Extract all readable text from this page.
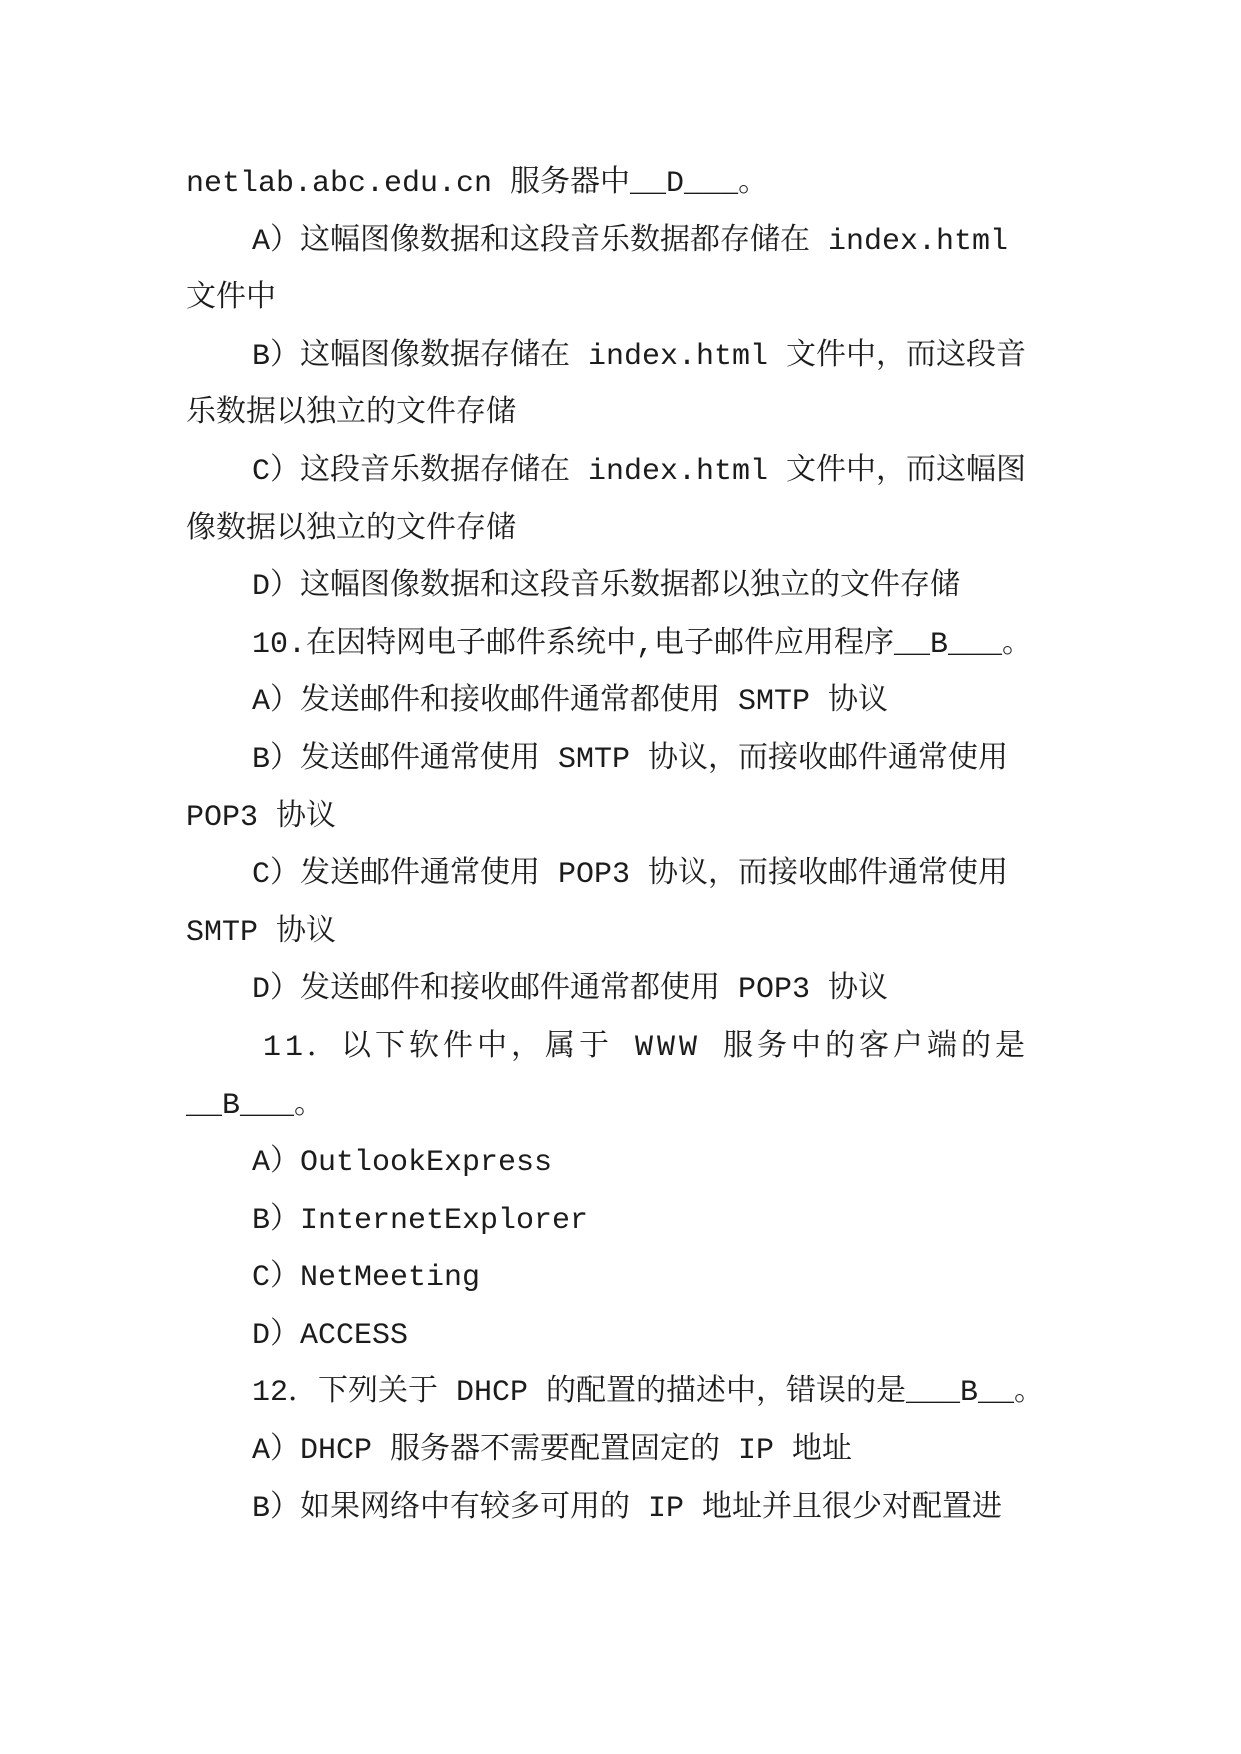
netlab.abc.edu.cn 服务器中__D___。
A）这幅图像数据和这段音乐数据都存储在 index.html
文件中
B）这幅图像数据存储在 index.html 文件中，而这段音
乐数据以独立的文件存储
C）这段音乐数据存储在 index.html 文件中，而这幅图
像数据以独立的文件存储
D）这幅图像数据和这段音乐数据都以独立的文件存储
10.在因特网电子邮件系统中,电子邮件应用程序__B___。
A）发送邮件和接收邮件通常都使用 SMTP 协议
B）发送邮件通常使用 SMTP 协议，而接收邮件通常使用
POP3 协议
C）发送邮件通常使用 POP3 协议，而接收邮件通常使用
SMTP 协议
D）发送邮件和接收邮件通常都使用 POP3 协议
11．以下软件中，属于 WWW 服务中的客户端的是
__B___。
A）OutlookExpress
B）InternetExplorer
C）NetMeeting
D）ACCESS
12．下列关于 DHCP 的配置的描述中，错误的是___B__。
A）DHCP 服务器不需要配置固定的 IP 地址
B）如果网络中有较多可用的 IP 地址并且很少对配置进
